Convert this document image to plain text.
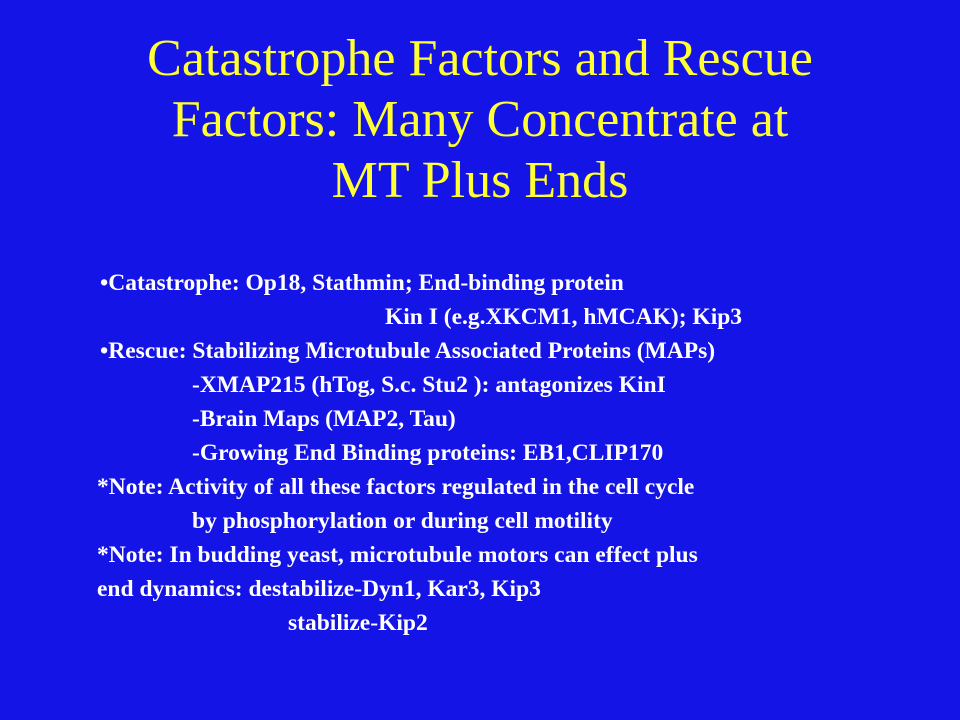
Catastrophe Factors and Rescue
Factors: Many Concentrate at
MT Plus Ends
•Catastrophe: Op18, Stathmin; End-binding protein
Kin I (e.g.XKCM1, hMCAK); Kip3
•Rescue: Stabilizing Microtubule Associated Proteins (MAPs)
-XMAP215 (hTog, S.c. Stu2 ): antagonizes KinI
-Brain Maps (MAP2, Tau)
-Growing End Binding proteins: EB1,CLIP170
*Note: Activity of all these factors regulated in the cell cycle
by phosphorylation or during cell motility
*Note: In budding yeast, microtubule motors can effect plus
end dynamics: destabilize-Dyn1, Kar3, Kip3
stabilize-Kip2
